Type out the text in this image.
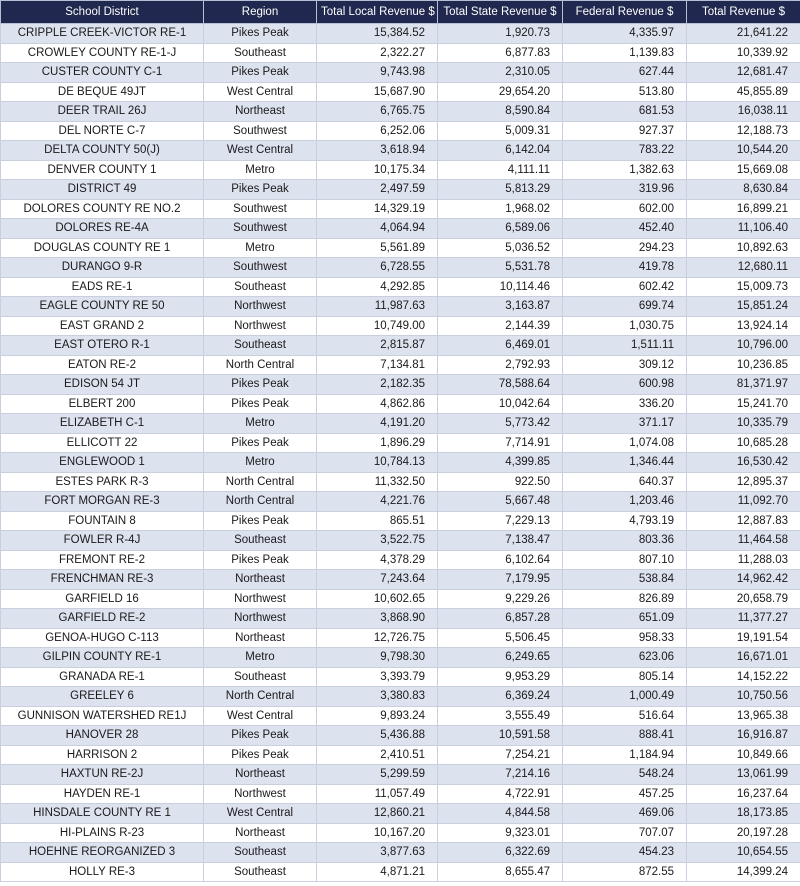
School District	Region	Total Local Revenue $	Total State Revenue $	Federal Revenue $	Total Revenue $
CRIPPLE CREEK-VICTOR RE-1	Pikes Peak	15,384.52	1,920.73	4,335.97	21,641.22
CROWLEY COUNTY RE-1-J	Southeast	2,322.27	6,877.83	1,139.83	10,339.92
CUSTER COUNTY C-1	Pikes Peak	9,743.98	2,310.05	627.44	12,681.47
DE BEQUE 49JT	West Central	15,687.90	29,654.20	513.80	45,855.89
DEER TRAIL 26J	Northeast	6,765.75	8,590.84	681.53	16,038.11
DEL NORTE C-7	Southwest	6,252.06	5,009.31	927.37	12,188.73
DELTA COUNTY 50(J)	West Central	3,618.94	6,142.04	783.22	10,544.20
DENVER COUNTY 1	Metro	10,175.34	4,111.11	1,382.63	15,669.08
DISTRICT 49	Pikes Peak	2,497.59	5,813.29	319.96	8,630.84
DOLORES COUNTY RE NO.2	Southwest	14,329.19	1,968.02	602.00	16,899.21
DOLORES RE-4A	Southwest	4,064.94	6,589.06	452.40	11,106.40
DOUGLAS COUNTY RE 1	Metro	5,561.89	5,036.52	294.23	10,892.63
DURANGO 9-R	Southwest	6,728.55	5,531.78	419.78	12,680.11
EADS RE-1	Southeast	4,292.85	10,114.46	602.42	15,009.73
EAGLE COUNTY RE 50	Northwest	11,987.63	3,163.87	699.74	15,851.24
EAST GRAND 2	Northwest	10,749.00	2,144.39	1,030.75	13,924.14
EAST OTERO R-1	Southeast	2,815.87	6,469.01	1,511.11	10,796.00
EATON RE-2	North Central	7,134.81	2,792.93	309.12	10,236.85
EDISON 54 JT	Pikes Peak	2,182.35	78,588.64	600.98	81,371.97
ELBERT 200	Pikes Peak	4,862.86	10,042.64	336.20	15,241.70
ELIZABETH C-1	Metro	4,191.20	5,773.42	371.17	10,335.79
ELLICOTT 22	Pikes Peak	1,896.29	7,714.91	1,074.08	10,685.28
ENGLEWOOD 1	Metro	10,784.13	4,399.85	1,346.44	16,530.42
ESTES PARK R-3	North Central	11,332.50	922.50	640.37	12,895.37
FORT MORGAN RE-3	North Central	4,221.76	5,667.48	1,203.46	11,092.70
FOUNTAIN 8	Pikes Peak	865.51	7,229.13	4,793.19	12,887.83
FOWLER R-4J	Southeast	3,522.75	7,138.47	803.36	11,464.58
FREMONT RE-2	Pikes Peak	4,378.29	6,102.64	807.10	11,288.03
FRENCHMAN RE-3	Northeast	7,243.64	7,179.95	538.84	14,962.42
GARFIELD 16	Northwest	10,602.65	9,229.26	826.89	20,658.79
GARFIELD RE-2	Northwest	3,868.90	6,857.28	651.09	11,377.27
GENOA-HUGO C-113	Northeast	12,726.75	5,506.45	958.33	19,191.54
GILPIN COUNTY RE-1	Metro	9,798.30	6,249.65	623.06	16,671.01
GRANADA RE-1	Southeast	3,393.79	9,953.29	805.14	14,152.22
GREELEY 6	North Central	3,380.83	6,369.24	1,000.49	10,750.56
GUNNISON WATERSHED RE1J	West Central	9,893.24	3,555.49	516.64	13,965.38
HANOVER 28	Pikes Peak	5,436.88	10,591.58	888.41	16,916.87
HARRISON 2	Pikes Peak	2,410.51	7,254.21	1,184.94	10,849.66
HAXTUN RE-2J	Northeast	5,299.59	7,214.16	548.24	13,061.99
HAYDEN RE-1	Northwest	11,057.49	4,722.91	457.25	16,237.64
HINSDALE COUNTY RE 1	West Central	12,860.21	4,844.58	469.06	18,173.85
HI-PLAINS R-23	Northeast	10,167.20	9,323.01	707.07	20,197.28
HOEHNE REORGANIZED 3	Southeast	3,877.63	6,322.69	454.23	10,654.55
HOLLY RE-3	Southeast	4,871.21	8,655.47	872.55	14,399.24
